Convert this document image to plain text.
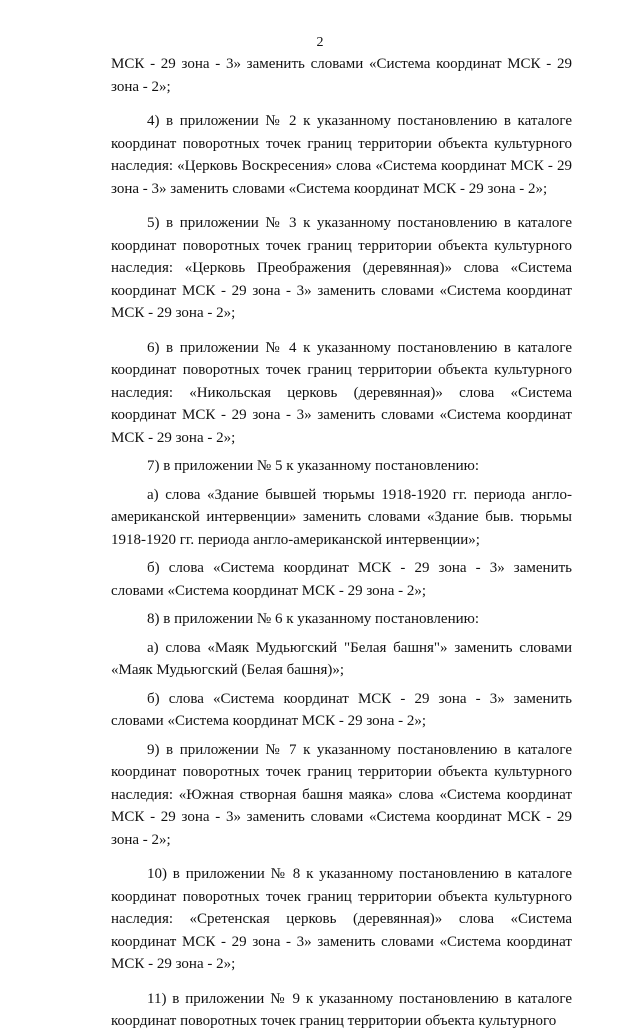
2

МСК - 29 зона - 3» заменить словами «Система координат МСК - 29 зона - 2»;

4) в приложении № 2 к указанному постановлению в каталоге координат поворотных точек границ территории объекта культурного наследия: «Церковь Воскресения» слова «Система координат МСК - 29 зона - 3» заменить словами «Система координат МСК - 29 зона - 2»;

5) в приложении № 3 к указанному постановлению в каталоге координат поворотных точек границ территории объекта культурного наследия: «Церковь Преображения (деревянная)» слова «Система координат МСК - 29 зона - 3» заменить словами «Система координат МСК - 29 зона - 2»;

6) в приложении № 4 к указанному постановлению в каталоге координат поворотных точек границ территории объекта культурного наследия: «Никольская церковь (деревянная)» слова «Система координат МСК - 29 зона - 3» заменить словами «Система координат МСК - 29 зона - 2»;

7) в приложении № 5 к указанному постановлению:

а) слова «Здание бывшей тюрьмы 1918-1920 гг. периода англо-американской интервенции» заменить словами «Здание быв. тюрьмы 1918-1920 гг. периода англо-американской интервенции»;

б) слова «Система координат МСК - 29 зона - 3» заменить словами «Система координат МСК - 29 зона - 2»;

8) в приложении № 6 к указанному постановлению:

а) слова «Маяк Мудьюгский "Белая башня"» заменить словами «Маяк Мудьюгский (Белая башня)»;

б) слова «Система координат МСК - 29 зона - 3» заменить словами «Система координат МСК - 29 зона - 2»;

9) в приложении № 7 к указанному постановлению в каталоге координат поворотных точек границ территории объекта культурного наследия: «Южная створная башня маяка» слова «Система координат МСК - 29 зона - 3» заменить словами «Система координат МСК - 29 зона - 2»;

10) в приложении № 8 к указанному постановлению в каталоге координат поворотных точек границ территории объекта культурного наследия: «Сретенская церковь (деревянная)» слова «Система координат МСК - 29 зона - 3» заменить словами «Система координат МСК - 29 зона - 2»;

11) в приложении № 9 к указанному постановлению в каталоге координат поворотных точек границ территории объекта культурного
